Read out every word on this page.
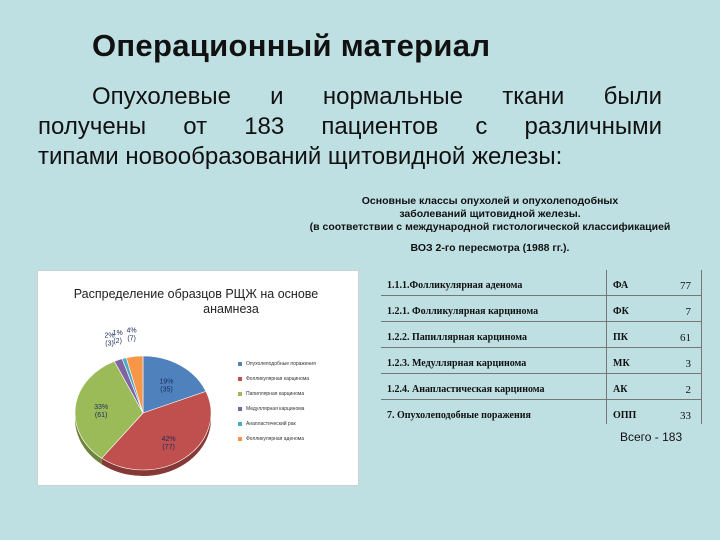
Операционный материал
Опухолевые и нормальные ткани были
получены от 183 пациентов с различными
типами новообразований щитовидной железы:
Основные классы опухолей и опухолеподобных
заболеваний щитовидной железы.
(в соответствии с международной гистологической классификацией
ВОЗ 2-го пересмотра (1988 гг.).
Распределение образцов РЩЖ на основе
анамнеза
19%
(35)
42%
(77)
33%
(61)
2%
(3)
1%
(2)
4%
(7)
Опухолеподобные поражения
Фолликулярная карцинома
Папиллярная карцинома
Медуллярная карцинома
Анапластический рак
Фолликулярная аденома
1.1.1.Фолликулярная аденома	ФА	77
1.2.1. Фолликулярная карцинома	ФК	7
1.2.2. Папиллярная карцинома	ПК	61
1.2.3. Медуллярная карцинома	МК	3
1.2.4. Анапластическая карцинома	АК	2
7. Опухолеподобные поражения	ОПП	33
Всего - 183
